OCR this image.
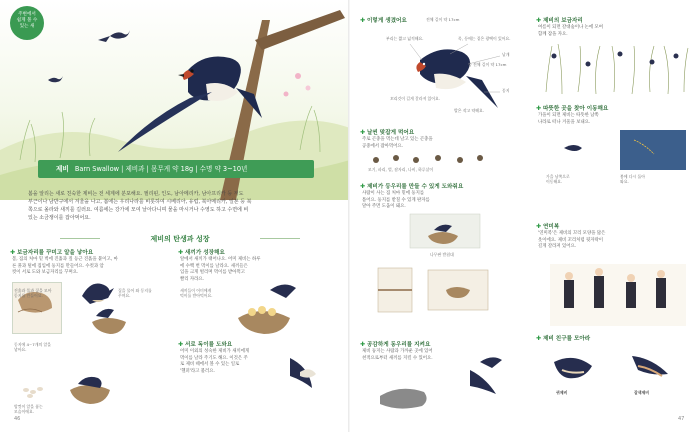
주변에서
쉽게 볼 수
있는 새
제비 Barn Swallow | 제비과 | 몸무게 약 18g | 수명 약 3~10년
봄을 알리는 새로 친숙한 제비는 전 세계에 분포해요. 필리핀, 인도, 남아메리카, 남아프리카 등 저도
부근이나 남반구에서 겨울을 나고, 봄에는 우리나라를 비롯하여 시베리아, 유럽, 북아메리카, 일본 등 북
쪽으로 올라와 새끼를 길러요. 여름에는 강가에 모여 날아다니며 물을 마시거나 수영도 하고 수면에 비
있는 소금쟁이를 잡아먹어요.
제비의 탄생과 성장
✚ 보금자리를 꾸미고 알을 낳아요
봄, 집의 처마 밑 벽에 진흙과 짚 등근 진흙을 붙이고, 마
른 풀과 털에 집입에 둥지를 만들어요. 수컷과 암
컷이 서로 도와 보금자리를 꾸며요.
진흙과 풀과 짚을 모아
둥지를 만들어요.
짚을 물어 와 둥지를
꾸며요.
둥지에 4~7개의 알을
낳아요.
암컷이 알을 품는
모습이에요.
✚ 새끼가 성장해요
알에서 새끼가 태어나요. 어미 제비는 하루
에 수백 번 먹이를 날라요. 새끼들은
입을 크게 벌리며 먹이를 받아먹고
빨리 자라요.
새끼들이 어미에게
먹이를 받아먹어요.
✚ 서로 독이를 도와요
어미 이외의 성숙한 제비가 새끼에게
먹이를 날라 주기도 해요. 이것은 주
로 제비 떼에서 볼 수 있는 일로
'헬퍼'라고 불러요.
46
✚ 이렇게 생겼어요	전체 길이 약 17cm
부리는 짧고 넓적해요.	목, 등에는 짙은 광택이 있어요.
날개
꽁지
몸 전체 길이 약 17cm
꼬리깃이 길게 갈라져 있어요.
발은 작고 약해요.
✚ 날씬 맞잡게 먹어요
주로 곤충을 먹는데 날고 있는 곤충을
공중에서 잡아먹어요.
모기, 파리, 벌, 잠자리, 나비, 하루살이
✚ 제비가 둥우리를 만들 수 있게 도와줘요
사람이 사는 집 처마 밑에 둥지를
틀어요. 둥지를 받칠 수 있게 판자를
달아 주면 도움이 돼요.
나무판 받침대
✚ 공감하게 동우리를 지켜요
제비 둥지는 사람과 가까운 곳에 있어
천적으로부터 새끼를 지킬 수 있어요.
✚ 제비의 보금자리
여름이 되면 갈대숲이나 논에 모여
함께 잠을 자요.
✚ 따뜻한 곳을 찾아 이동해요
가을이 되면 제비는 따뜻한 남쪽
나라로 떠나 겨울을 보내요.
가을 남쪽으로
이동해요.
봄에 다시 돌아
와요.
✚ 연미복
'연미복'은 제비의 꼬리 모양을 닮은
옷이에요. 제비 꼬리처럼 뒷자락이
길게 갈라져 있어요.
✚ 제비 친구를 모아라
귀제비	갈색제비
47
